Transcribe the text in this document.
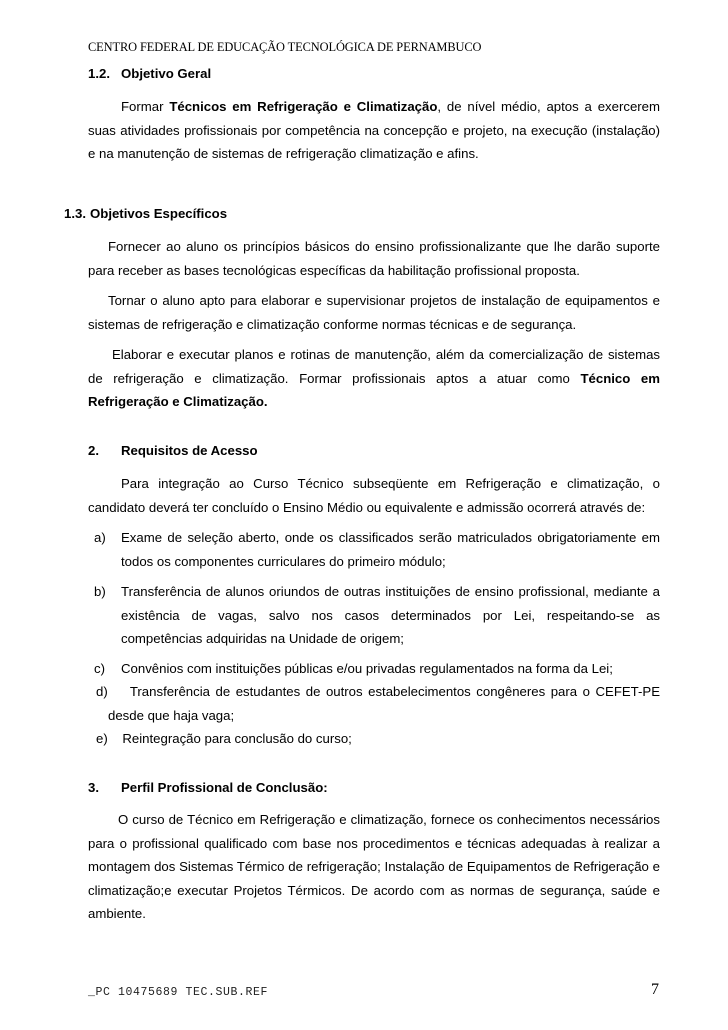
CENTRO FEDERAL DE EDUCAÇÃO TECNOLÓGICA DE PERNAMBUCO
1.2. Objetivo Geral
Formar Técnicos em Refrigeração e Climatização, de nível médio, aptos a exercerem suas atividades profissionais por competência na concepção e projeto, na execução (instalação) e na manutenção de sistemas de refrigeração climatização e afins.
1.3. Objetivos Específicos
Fornecer ao aluno os princípios básicos do ensino profissionalizante que lhe darão suporte para receber as bases tecnológicas específicas da habilitação profissional proposta.
Tornar o aluno apto para elaborar e supervisionar projetos de instalação de equipamentos e sistemas de refrigeração e climatização conforme normas técnicas e de segurança.
Elaborar e executar planos e rotinas de manutenção, além da comercialização de sistemas de refrigeração e climatização. Formar profissionais aptos a atuar como Técnico em Refrigeração e Climatização.
2. Requisitos de Acesso
Para integração ao Curso Técnico subseqüente em Refrigeração e climatização, o candidato deverá ter concluído o Ensino Médio ou equivalente e admissão ocorrerá através de:
a) Exame de seleção aberto, onde os classificados serão matriculados obrigatoriamente em todos os componentes curriculares do primeiro módulo;
b) Transferência de alunos oriundos de outras instituições de ensino profissional, mediante a existência de vagas, salvo nos casos determinados por Lei, respeitando-se as competências adquiridas na Unidade de origem;
c) Convênios com instituições públicas e/ou privadas regulamentados na forma da Lei;
d) Transferência de estudantes de outros estabelecimentos congêneres para o CEFET-PE desde que haja vaga;
e) Reintegração para conclusão do curso;
3. Perfil Profissional de Conclusão:
O curso de Técnico em Refrigeração e climatização, fornece os conhecimentos necessários para o profissional qualificado com base nos procedimentos e técnicas adequadas à realizar a montagem dos Sistemas Térmico de refrigeração; Instalação de Equipamentos de Refrigeração e climatização;e executar Projetos Térmicos. De acordo com as normas de segurança, saúde e ambiente.
_PC 10475689 TEC.SUB.REF	7
